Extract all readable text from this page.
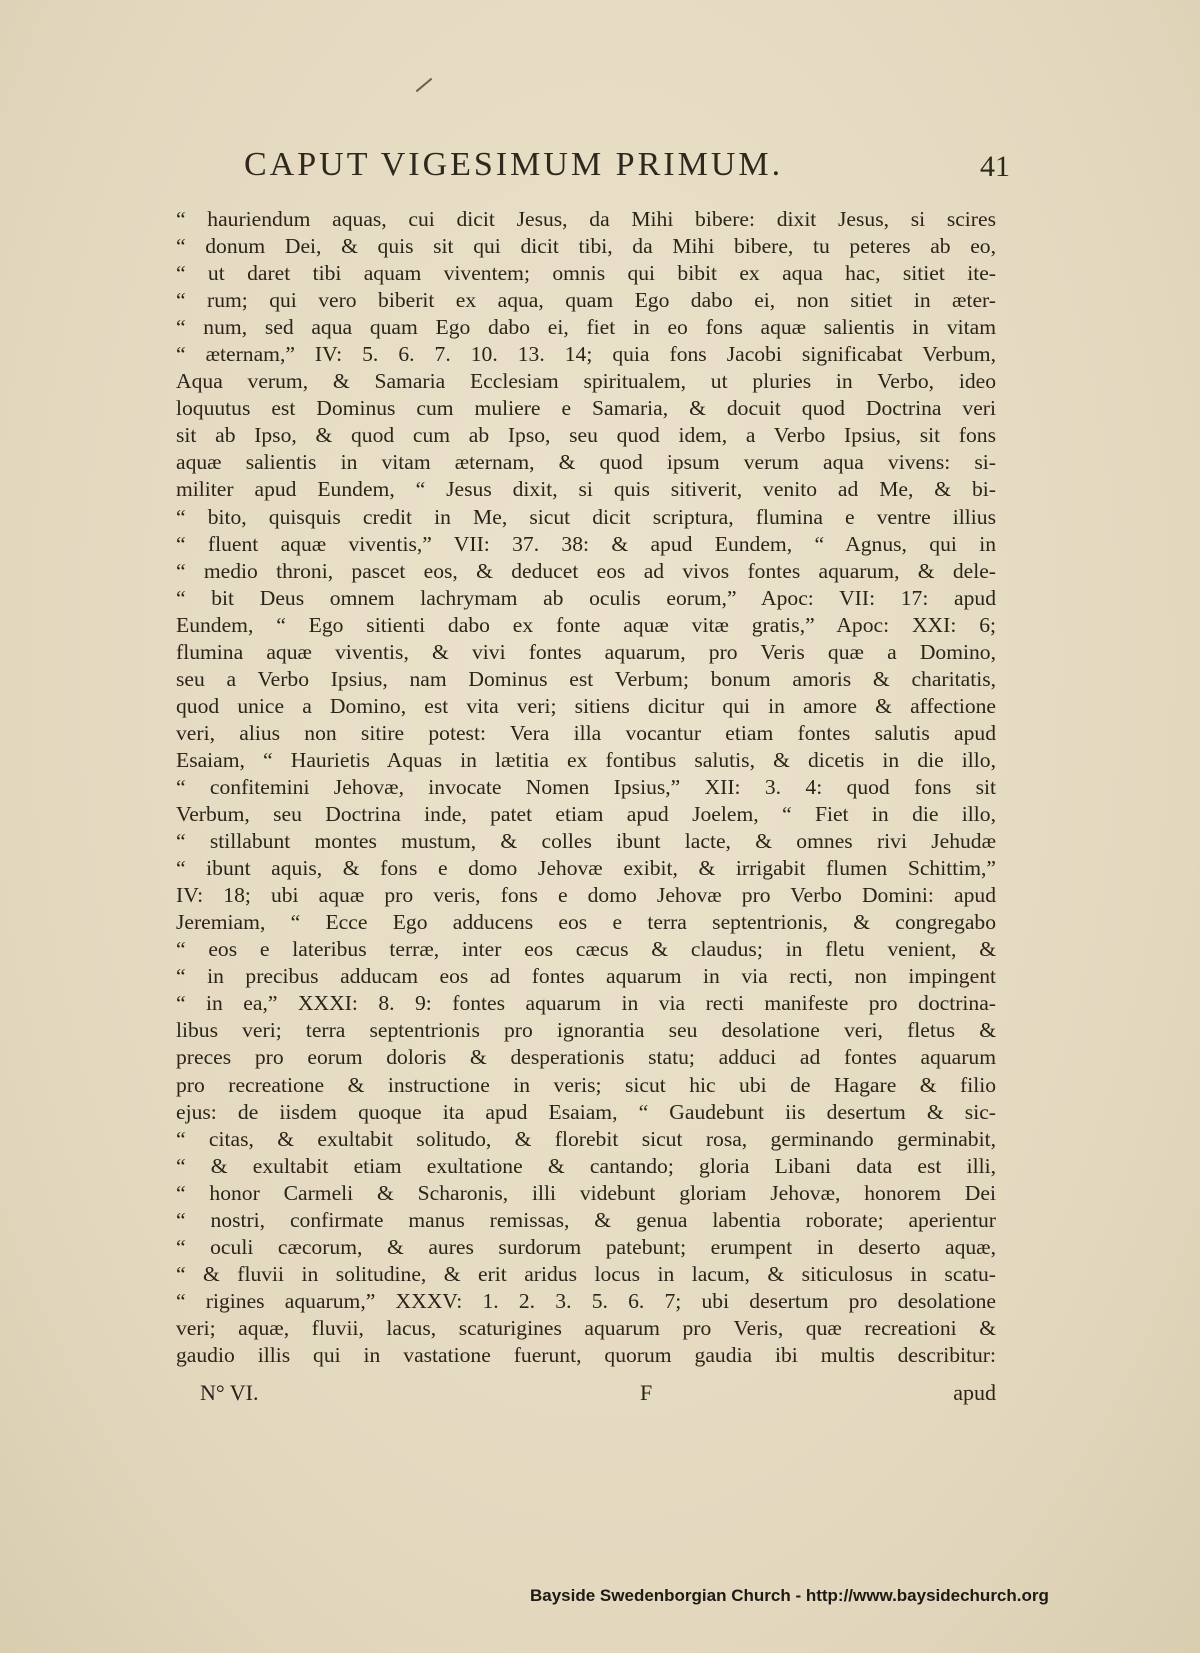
CAPUT VIGESIMUM PRIMUM.	41
“ hauriendum aquas, cui dicit Jesus, da Mihi bibere: dixit Jesus, si scires
“ donum Dei, & quis sit qui dicit tibi, da Mihi bibere, tu peteres ab eo,
“ ut daret tibi aquam viventem; omnis qui bibit ex aqua hac, sitiet ite-
“ rum; qui vero biberit ex aqua, quam Ego dabo ei, non sitiet in æter-
“ num, sed aqua quam Ego dabo ei, fiet in eo fons aquæ salientis in vitam
“ æternam,” IV: 5. 6. 7. 10. 13. 14; quia fons Jacobi significabat Verbum,
Aqua verum, & Samaria Ecclesiam spiritualem, ut pluries in Verbo, ideo
loquutus est Dominus cum muliere e Samaria, & docuit quod Doctrina veri
sit ab Ipso, & quod cum ab Ipso, seu quod idem, a Verbo Ipsius, sit fons
aquæ salientis in vitam æternam, & quod ipsum verum aqua vivens: si-
militer apud Eundem, “ Jesus dixit, si quis sitiverit, venito ad Me, & bi-
“ bito, quisquis credit in Me, sicut dicit scriptura, flumina e ventre illius
“ fluent aquæ viventis,” VII: 37. 38: & apud Eundem, “ Agnus, qui in
“ medio throni, pascet eos, & deducet eos ad vivos fontes aquarum, & dele-
“ bit Deus omnem lachrymam ab oculis eorum,” Apoc: VII: 17: apud
Eundem, “ Ego sitienti dabo ex fonte aquæ vitæ gratis,” Apoc: XXI: 6;
flumina aquæ viventis, & vivi fontes aquarum, pro Veris quæ a Domino,
seu a Verbo Ipsius, nam Dominus est Verbum; bonum amoris & charitatis,
quod unice a Domino, est vita veri; sitiens dicitur qui in amore & affectione
veri, alius non sitire potest: Vera illa vocantur etiam fontes salutis apud
Esaiam, “ Haurietis Aquas in lætitia ex fontibus salutis, & dicetis in die illo,
“ confitemini Jehovæ, invocate Nomen Ipsius,” XII: 3. 4: quod fons sit
Verbum, seu Doctrina inde, patet etiam apud Joelem, “ Fiet in die illo,
“ stillabunt montes mustum, & colles ibunt lacte, & omnes rivi Jehudæ
“ ibunt aquis, & fons e domo Jehovæ exibit, & irrigabit flumen Schittim,”
IV: 18; ubi aquæ pro veris, fons e domo Jehovæ pro Verbo Domini: apud
Jeremiam, “ Ecce Ego adducens eos e terra septentrionis, & congregabo
“ eos e lateribus terræ, inter eos cæcus & claudus; in fletu venient, &
“ in precibus adducam eos ad fontes aquarum in via recti, non impingent
“ in ea,” XXXI: 8. 9: fontes aquarum in via recti manifeste pro doctrina-
libus veri; terra septentrionis pro ignorantia seu desolatione veri, fletus &
preces pro eorum doloris & desperationis statu; adduci ad fontes aquarum
pro recreatione & instructione in veris; sicut hic ubi de Hagare & filio
ejus: de iisdem quoque ita apud Esaiam, “ Gaudebunt iis desertum & sic-
“ citas, & exultabit solitudo, & florebit sicut rosa, germinando germinabit,
“ & exultabit etiam exultatione & cantando; gloria Libani data est illi,
“ honor Carmeli & Scharonis, illi videbunt gloriam Jehovæ, honorem Dei
“ nostri, confirmate manus remissas, & genua labentia roborate; aperientur
“ oculi cæcorum, & aures surdorum patebunt; erumpent in deserto aquæ,
“ & fluvii in solitudine, & erit aridus locus in lacum, & siticulosus in scatu-
“ rigines aquarum,” XXXV: 1. 2. 3. 5. 6. 7; ubi desertum pro desolatione
veri; aquæ, fluvii, lacus, scaturigines aquarum pro Veris, quæ recreationi &
gaudio illis qui in vastatione fuerunt, quorum gaudia ibi multis describitur:
N° VI.	F	apud
Bayside Swedenborgian Church - http://www.baysidechurch.org
